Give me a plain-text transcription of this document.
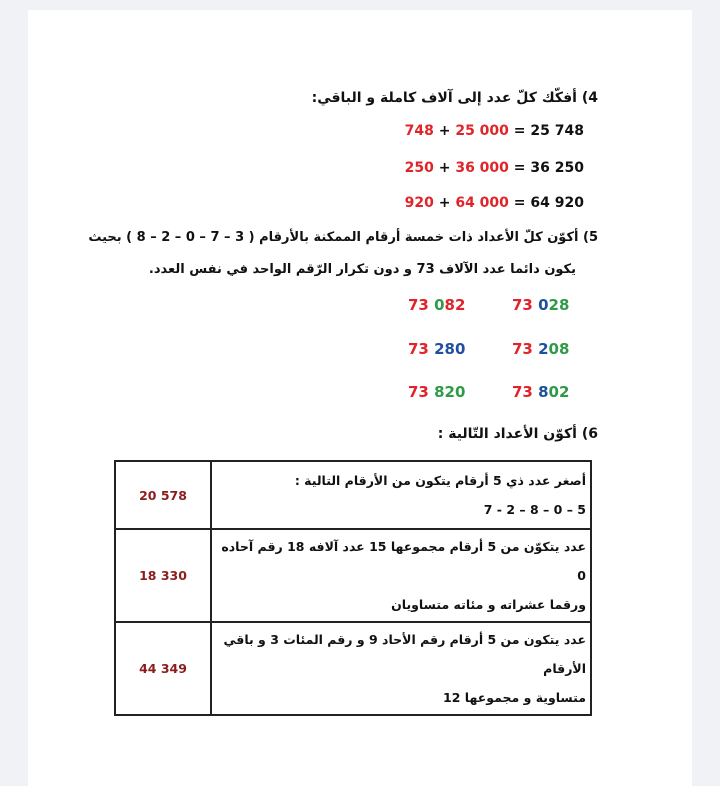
4) أفكّك كلّ عدد إلى آلاف كاملة و الباقي:
748 + 25 000 = 25 748
250 + 36 000 = 36 250
920 + 64 000 = 64 920
5) أكوّن كلّ الأعداد ذات خمسة أرقام الممكنة بالأرقام ( 3 – 7 – 0 – 2 – 8 ) بحيث
يكون دائما عدد الآلاف 73 و دون تكرار الرّقم الواحد في نفس العدد.
73 028
73 208
73 802
73 082
73 280
73 820
6) أكوّن الأعداد التّالية :
20 578	أصغر عدد ذي 5 أرقام يتكون من الأرقام التالية :
7 - 2 – 8 – 0 – 5

18 330	عدد يتكوّن من 5 أرقام مجموعها 15 عدد آلافه 18 رقم آحاده 0
ورقما عشراته و مئاته متساويان

44 349	عدد يتكون من 5 أرقام رقم الأحاد 9 و رقم المئات 3 و باقي الأرقام
متساوية و مجموعها 12
